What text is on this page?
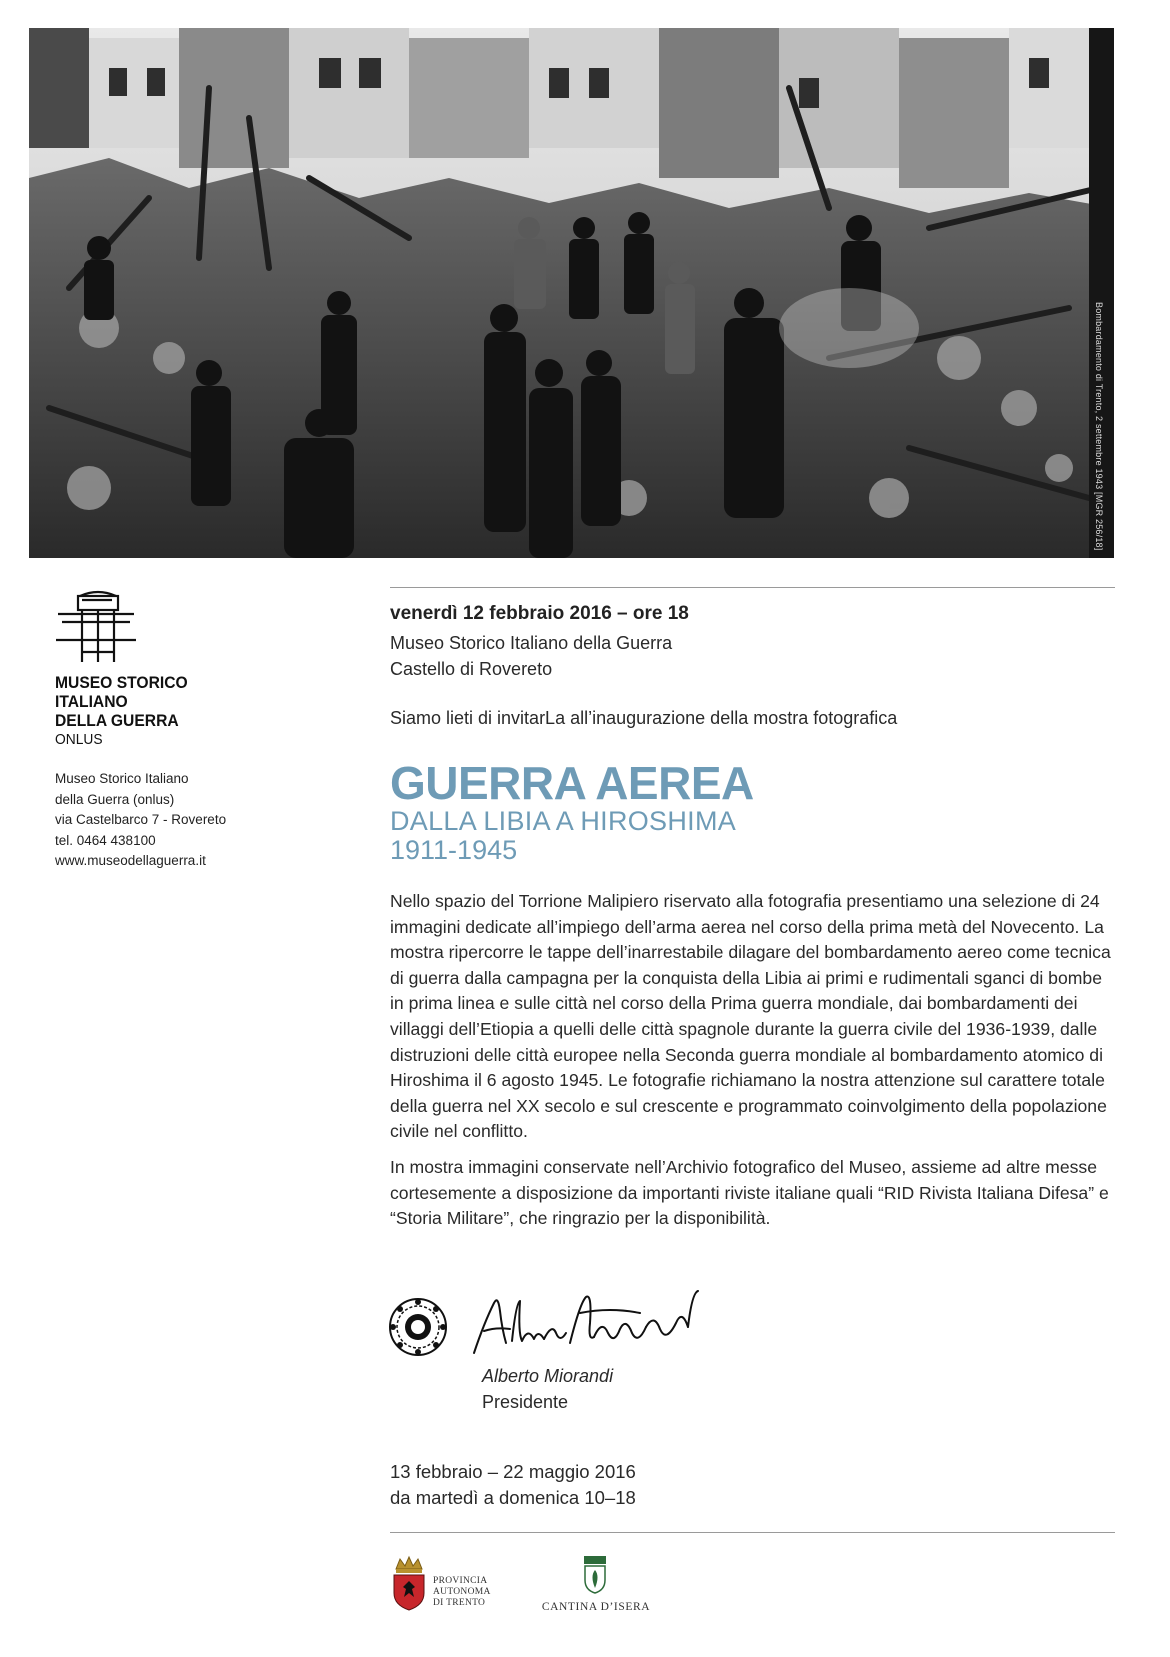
Bombardamento di Trento, 2 settembre 1943 [MGR 256/18]
MUSEO STORICO
ITALIANO
DELLA GUERRA
ONLUS
Museo Storico Italiano
della Guerra (onlus)
via Castelbarco 7 - Rovereto
tel. 0464 438100
www.museodellaguerra.it
venerdì 12 febbraio 2016 – ore 18
Museo Storico Italiano della Guerra
Castello di Rovereto
Siamo lieti di invitarLa all’inaugurazione della mostra fotografica
GUERRA AEREA
DALLA LIBIA A HIROSHIMA
1911-1945

Nello spazio del Torrione Malipiero riservato alla fotografia presentiamo una selezione di 24 immagini dedicate all’impiego dell’arma aerea nel corso della prima metà del Novecento. La mostra ripercorre le tappe dell’inarrestabile dilagare del bombardamento aereo come tecnica di guerra dalla campagna per la conquista della Libia ai primi e rudimentali sganci di bombe in prima linea e sulle città nel corso della Prima guerra mondiale, dai bombardamenti dei villaggi dell’Etiopia a quelli delle città spagnole durante la guerra civile del 1936-1939, dalle distruzioni delle città europee nella Seconda guerra mondiale al bombardamento atomico di Hiroshima il 6 agosto 1945. Le fotografie richiamano la nostra attenzione sul carattere totale della guerra nel XX secolo e sul crescente e programmato coinvolgimento della popolazione civile nel conflitto.

In mostra immagini conservate nell’Archivio fotografico del Museo, assieme ad altre messe cortesemente a disposizione da importanti riviste italiane quali “RID Rivista Italiana Difesa” e “Storia Militare”, che ringrazio per la disponibilità.

Alberto Miorandi
Presidente
13 febbraio – 22 maggio 2016
da martedì a domenica 10–18
PROVINCIA
AUTONOMA
DI TRENTO	CANTINA D’ISERA
